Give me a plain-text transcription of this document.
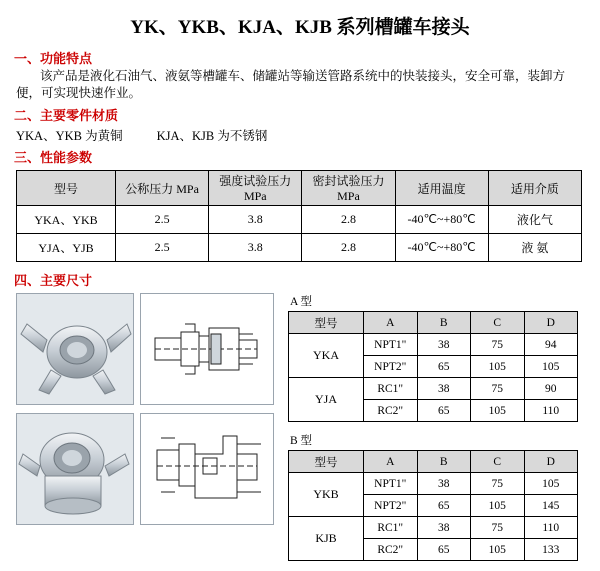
YK、YKB、KJA、KJB 系列槽罐车接头
一、功能特点
该产品是液化石油气、液氨等槽罐车、储罐站等输送管路系统中的快装接头，安全可靠，装卸方便，可实现快速作业。
二、主要零件材质
YKA、YKB 为黄铜	KJA、KJB 为不锈钢
三、性能参数
型号	公称压力 MPa	强度试验压力 MPa	密封试验压力 MPa	适用温度	适用介质
YKA、YKB	2.5	3.8	2.8	-40℃~+80℃	液化气
YJA、YJB	2.5	3.8	2.8	-40℃~+80℃	液 氨
四、主要尺寸

A 型
型号	A	B	C	D
YKA	NPT1"	38	75	94
	NPT2"	65	105	105
YJA	RC1"	38	75	90
	RC2"	65	105	110
B 型
型号	A	B	C	D
YKB	NPT1"	38	75	105
	NPT2"	65	105	145
KJB	RC1"	38	75	110
	RC2"	65	105	133
